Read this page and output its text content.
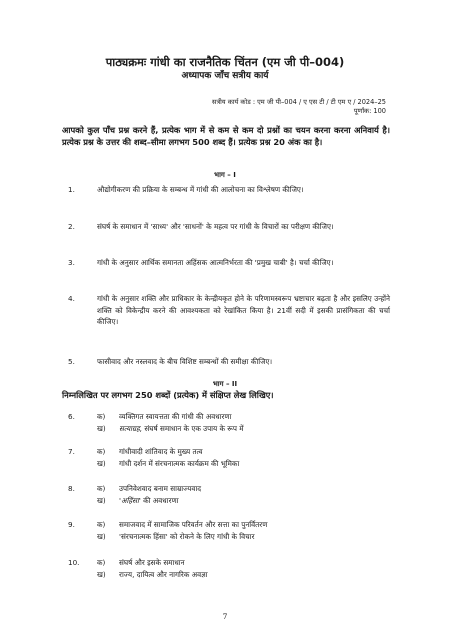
पाठ्यक्रमः गांधी का राजनैतिक चिंतन (एम जी पी–004)
अध्यापक जाँच सत्रीय कार्य
सत्रीय कार्य कोड : एम जी पी–004 / ए एस टी / टी एम ए / 2024–25
पूर्णांक: 100
आपको कुल पाँच प्रश्न करने हैं, प्रत्येक भाग में से कम से कम दो प्रश्नों का चयन करना करना अनिवार्य है। प्रत्येक प्रश्न के उत्तर की शब्द–सीमा लगभग 500 शब्द हैं। प्रत्येक प्रश्न 20 अंक का है।
भाग – I
1.	औद्योगीकरण की प्रक्रिया के सम्बन्ध में गांधी की आलोचना का विश्लेषण कीजिए।
2.	संघर्ष के समाधान में 'साध्य' और 'साधनों' के महत्व पर गांधी के विचारों का परीक्षण कीजिए।
3.	गांधी के अनुसार आर्थिक समानता अहिंसक आत्मनिर्भरता की 'प्रमुख चाबी' है। चर्चा कीजिए।
4.	गांधी के अनुसार शक्ति और प्राधिकार के केन्द्रीयकृत होने के परिणामस्वरूप भ्रष्टाचार बढ़ता है और इसलिए उन्होंने शक्ति को विकेन्द्रीय करने की आवश्यकता को रेखांकित किया है। 21वीं सदी में इसकी प्रासंगिकता की चर्चा कीजिए।
5.	फासीवाद और नस्लवाद के बीच विशिष्ट सम्बन्धों की समीक्षा कीजिए।
भाग – II
निम्नलिखित पर लगभग 250 शब्दों (प्रत्येक) में संक्षिप्त लेख लिखिए।
6.	क) व्यक्तिगत स्वायत्तता की गांधी की अवधारणा
ख) सत्याग्रह, संघर्ष समाधान के एक उपाय के रूप में
7.	क) गांधीवादी शांतिवाद के मुख्य तत्व
ख) गांधी दर्शन में संरचनात्मक कार्यक्रम की भूमिका
8.	क) उपनिवेशवाद बनाम साम्राज्यवाद
ख) 'अहिंसा' की अवधारणा
9.	क) समाजवाद में सामाजिक परिवर्तन और सत्ता का पुनर्वितरण
ख) 'संरचनात्मक हिंसा' को रोकने के लिए गांधी के विचार
10. क) संघर्ष और इसके समाधान
ख) राज्य, दायित्व और नागरिक अवज्ञा
7
